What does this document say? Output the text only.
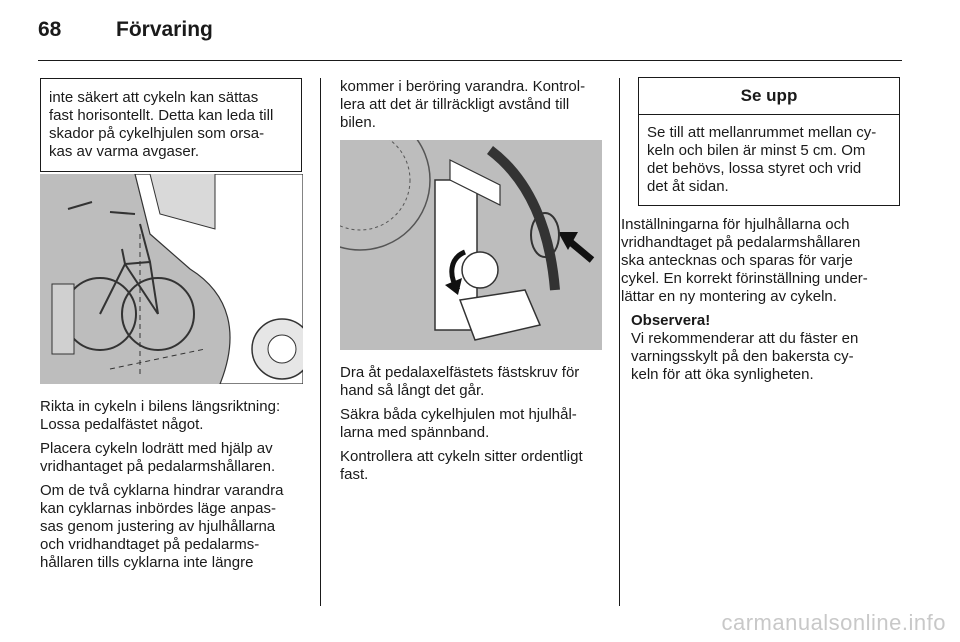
68	Förvaring
inte säkert att cykeln kan sättas
fast horisontellt. Detta kan leda till
skador på cykelhjulen som orsa-
kas av varma avgaser.

Rikta in cykeln i bilens längsriktning:
Lossa pedalfästet något.

Placera cykeln lodrätt med hjälp av
vridhantaget på pedalarmshållaren.

Om de två cyklarna hindrar varandra
kan cyklarnas inbördes läge anpas-
sas genom justering av hjulhållarna
och vridhandtaget på pedalarms-
hållaren tills cyklarna inte längre

kommer i beröring varandra. Kontrol-
lera att det är tillräckligt avstånd till
bilen.

Dra åt pedalaxelfästets fästskruv för
hand så långt det går.

Säkra båda cykelhjulen mot hjulhål-
larna med spännband.

Kontrollera att cykeln sitter ordentligt
fast.

Se upp
Se till att mellanrummet mellan cy-
keln och bilen är minst 5 cm. Om
det behövs, lossa styret och vrid
det åt sidan.

Inställningarna för hjulhållarna och
vridhandtaget på pedalarmshållaren
ska antecknas och sparas för varje
cykel. En korrekt förinställning under-
lättar en ny montering av cykeln.

Observera!
Vi rekommenderar att du fäster en
varningsskylt på den bakersta cy-
keln för att öka synligheten.
carmanualsonline.info
